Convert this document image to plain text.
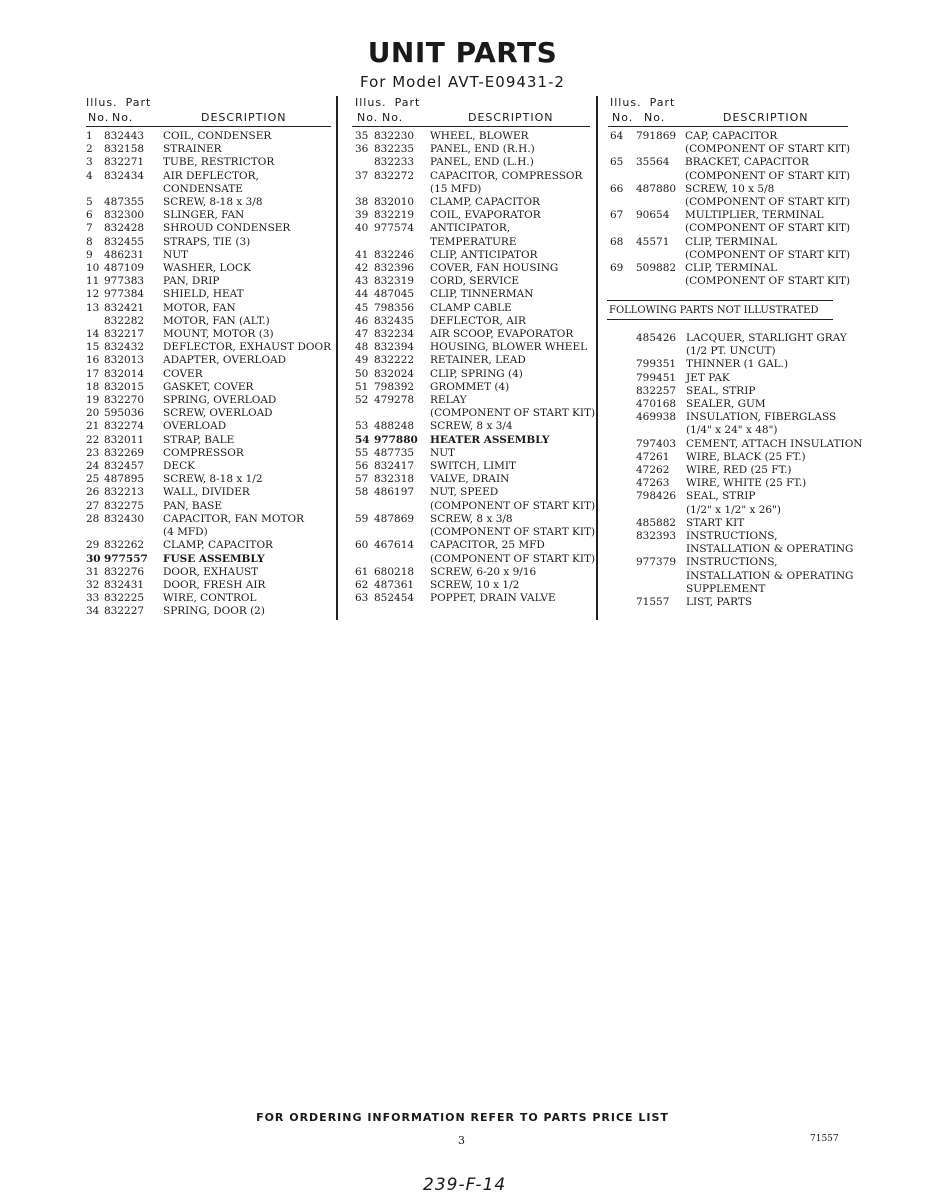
UNIT PARTS
For Model AVT-E09431-2
Illus. Part
No. No.	DESCRIPTION
1	832443 COIL, CONDENSER
2	832158 STRAINER
3	832271 TUBE, RESTRICTOR
4	832434 AIR DEFLECTOR,
CONDENSATE
5	487355 SCREW, 8-18 x 3/8
6	832300 SLINGER, FAN
7	832428 SHROUD CONDENSER
8	832455 STRAPS, TIE (3)
9	486231 NUT
10 487109 WASHER, LOCK
11 977383 PAN, DRIP
12 977384 SHIELD, HEAT
13 832421 MOTOR, FAN
832282 MOTOR, FAN (ALT.)
14 832217 MOUNT, MOTOR (3)
15 832432 DEFLECTOR, EXHAUST DOOR
16 832013 ADAPTER, OVERLOAD
17 832014 COVER
18 832015 GASKET, COVER
19 832270 SPRING, OVERLOAD
20 595036 SCREW, OVERLOAD
21 832274 OVERLOAD
22 832011 STRAP, BALE
23 832269 COMPRESSOR
24 832457 DECK
25 487895 SCREW, 8-18 x 1/2
26 832213 WALL, DIVIDER
27 832275 PAN, BASE
28 832430 CAPACITOR, FAN MOTOR
(4 MFD)
29 832262 CLAMP, CAPACITOR
30 977557 FUSE ASSEMBLY
31 832276 DOOR, EXHAUST
32 832431 DOOR, FRESH AIR
33 832225 WIRE, CONTROL
34 832227 SPRING, DOOR (2)
Illus. Part
No. No.	DESCRIPTION
35 832230 WHEEL, BLOWER
36 832235 PANEL, END (R.H.)
832233 PANEL, END (L.H.)
37 832272 CAPACITOR, COMPRESSOR
(15 MFD)
38 832010 CLAMP, CAPACITOR
39 832219 COIL, EVAPORATOR
40 977574 ANTICIPATOR,
TEMPERATURE
41 832246 CLIP, ANTICIPATOR
42 832396 COVER, FAN HOUSING
43 832319 CORD, SERVICE
44 487045 CLIP, TINNERMAN
45 798356 CLAMP CABLE
46 832435 DEFLECTOR, AIR
47 832234 AIR SCOOP, EVAPORATOR
48 832394 HOUSING, BLOWER WHEEL
49 832222 RETAINER, LEAD
50 832024 CLIP, SPRING (4)
51 798392 GROMMET (4)
52 479278 RELAY
(COMPONENT OF START KIT)
53 488248 SCREW, 8 x 3/4
54 977880 HEATER ASSEMBLY
55 487735 NUT
56 832417 SWITCH, LIMIT
57 832318 VALVE, DRAIN
58 486197 NUT, SPEED
(COMPONENT OF START KIT)
59 487869 SCREW, 8 x 3/8
(COMPONENT OF START KIT)
60 467614 CAPACITOR, 25 MFD
(COMPONENT OF START KIT)
61 680218 SCREW, 6-20 x 9/16
62 487361 SCREW, 10 x 1/2
63 852454 POPPET, DRAIN VALVE
Illus. Part
No. No.	DESCRIPTION
64	791869 CAP, CAPACITOR
(COMPONENT OF START KIT)
65	35564 BRACKET, CAPACITOR
(COMPONENT OF START KIT)
66	487880 SCREW, 10 x 5/8
(COMPONENT OF START KIT)
67	90654 MULTIPLIER, TERMINAL
(COMPONENT OF START KIT)
68	45571 CLIP, TERMINAL
(COMPONENT OF START KIT)
69	509882 CLIP, TERMINAL
(COMPONENT OF START KIT)
FOLLOWING PARTS NOT ILLUSTRATED
485426 LACQUER, STARLIGHT GRAY
(1/2 PT. UNCUT)
799351 THINNER (1 GAL.)
799451 JET PAK
832257 SEAL, STRIP
470168 SEALER, GUM
469938 INSULATION, FIBERGLASS
(1/4" x 24" x 48")
797403 CEMENT, ATTACH INSULATION
47261 WIRE, BLACK (25 FT.)
47262 WIRE, RED (25 FT.)
47263 WIRE, WHITE (25 FT.)
798426 SEAL, STRIP
(1/2" x 1/2" x 26")
485882 START KIT
832393 INSTRUCTIONS,
INSTALLATION & OPERATING
977379 INSTRUCTIONS,
INSTALLATION & OPERATING
SUPPLEMENT
71557 LIST, PARTS
FOR ORDERING INFORMATION REFER TO PARTS PRICE LIST
3	71557
239-F-14
